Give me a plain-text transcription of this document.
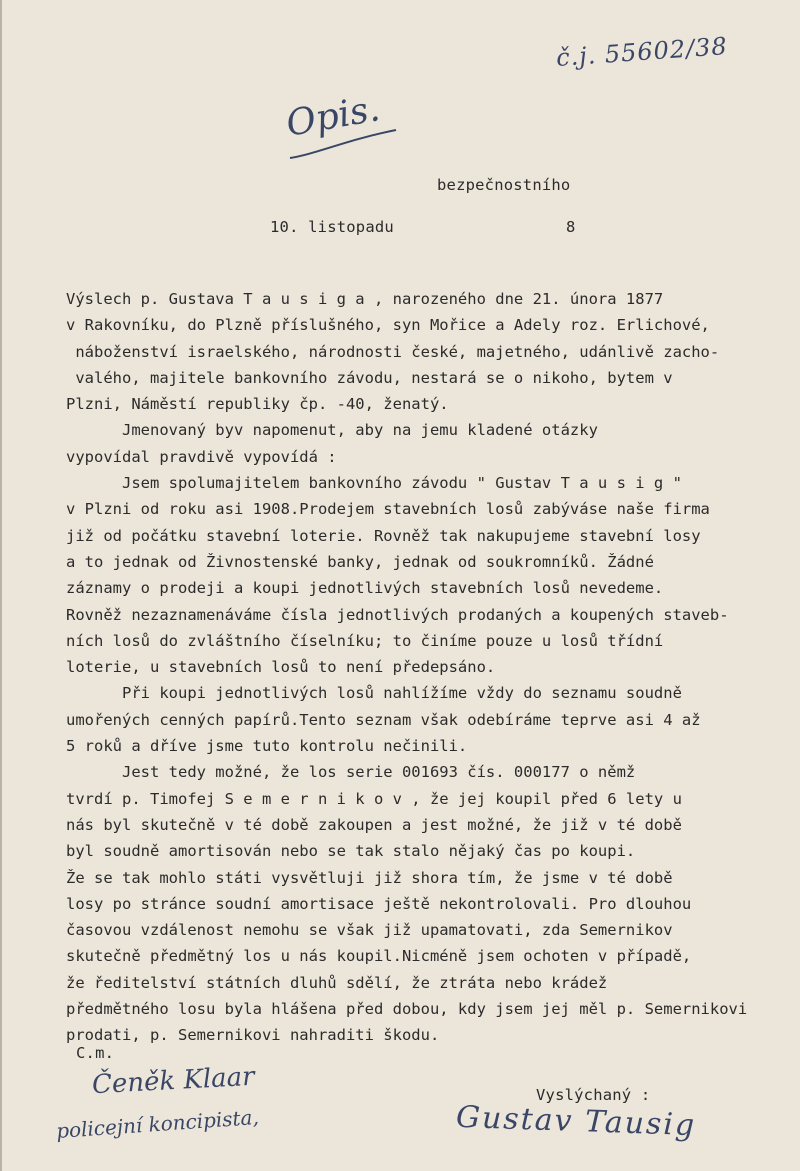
č.j. 55602/38
Opis.
bezpečnostního
10. listopadu	8
Výslech p. Gustava T a u s i g a , narozeného dne 21. února 1877
v Rakovníku, do Plzně příslušného, syn Mořice a Adely roz. Erlichové,
náboženství israelského, národnosti české, majetného, udánlivě zacho-
valého, majitele bankovního závodu, nestará se o nikoho, bytem v
Plzni, Náměstí republiky čp. -40, ženatý.
Jmenovaný byv napomenut, aby na jemu kladené otázky
vypovídal pravdivě vypovídá :
Jsem spolumajitelem bankovního závodu " Gustav T a u s i g "
v Plzni od roku asi 1908.Prodejem stavebních losů zabýváse naše firma
již od počátku stavební loterie. Rovněž tak nakupujeme stavební losy
a to jednak od Živnostenské banky, jednak od soukromníků. Žádné
záznamy o prodeji a koupi jednotlivých stavebních losů nevedeme.
Rovněž nezaznamenáváme čísla jednotlivých prodaných a koupených staveb-
ních losů do zvláštního číselníku; to činíme pouze u losů třídní
loterie, u stavebních losů to není předepsáno.
Při koupi jednotlivých losů nahlížíme vždy do seznamu soudně
umořených cenných papírů.Tento seznam však odebíráme teprve asi 4 až
5 roků a dříve jsme tuto kontrolu nečinili.
Jest tedy možné, že los serie 001693 čís. 000177 o němž
tvrdí p. Timofej S e m e r n i k o v , že jej koupil před 6 lety u
nás byl skutečně v té době zakoupen a jest možné, že již v té době
byl soudně amortisován nebo se tak stalo nějaký čas po koupi.
Že se tak mohlo státi vysvětluji již shora tím, že jsme v té době
losy po stránce soudní amortisace ještě nekontrolovali. Pro dlouhou
časovou vzdálenost nemohu se však již upamatovati, zda Semernikov
skutečně předmětný los u nás koupil.Nicméně jsem ochoten v případě,
že ředitelství státních dluhů sdělí, že ztráta nebo krádež
předmětného losu byla hlášena před dobou, kdy jsem jej měl p. Semernikovi
prodati, p. Semernikovi nahraditi škodu.
C.m.
Čeněk Klaar
policejní koncipista,
Vyslýchaný :
Gustav Tausig
